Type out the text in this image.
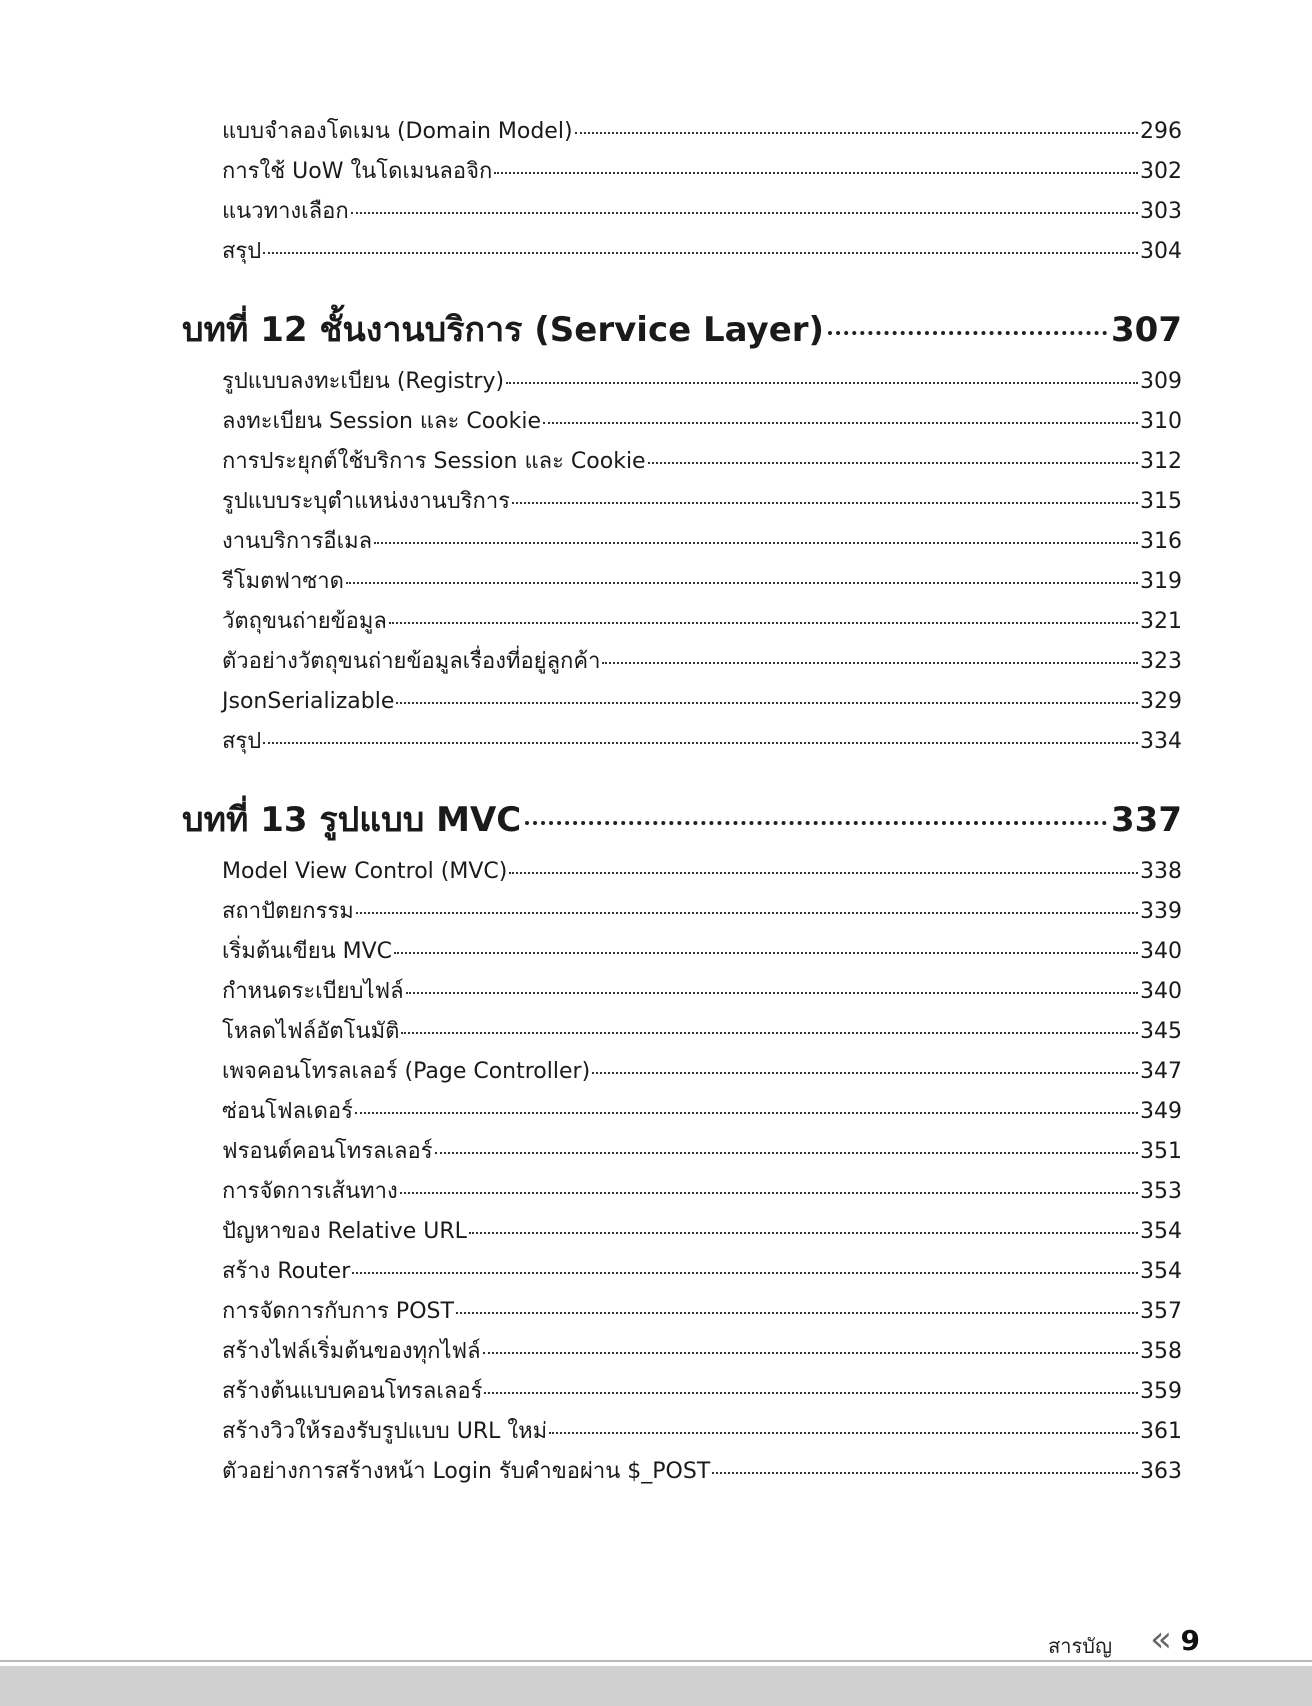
แบบจำลองโดเมน (Domain Model)	296
การใช้ UoW ในโดเมนลอจิก	302
แนวทางเลือก	303
สรุป	304
บทที่ 12 ชั้นงานบริการ (Service Layer)	307
รูปแบบลงทะเบียน (Registry)	309
ลงทะเบียน Session และ Cookie	310
การประยุกต์ใช้บริการ Session และ Cookie	312
รูปแบบระบุตำแหน่งงานบริการ	315
งานบริการอีเมล	316
รีโมตฟาซาด	319
วัตถุขนถ่ายข้อมูล	321
ตัวอย่างวัตถุขนถ่ายข้อมูลเรื่องที่อยู่ลูกค้า	323
JsonSerializable	329
สรุป	334
บทที่ 13 รูปแบบ MVC	337
Model View Control (MVC)	338
สถาปัตยกรรม	339
เริ่มต้นเขียน MVC	340
กำหนดระเบียบไฟล์	340
โหลดไฟล์อัตโนมัติ	345
เพจคอนโทรลเลอร์ (Page Controller)	347
ซ่อนโฟลเดอร์	349
ฟรอนต์คอนโทรลเลอร์	351
การจัดการเส้นทาง	353
ปัญหาของ Relative URL	354
สร้าง Router	354
การจัดการกับการ POST	357
สร้างไฟล์เริ่มต้นของทุกไฟล์	358
สร้างต้นแบบคอนโทรลเลอร์	359
สร้างวิวให้รองรับรูปแบบ URL ใหม่	361
ตัวอย่างการสร้างหน้า Login รับคำขอผ่าน $_POST	363
สารบัญ « 9
